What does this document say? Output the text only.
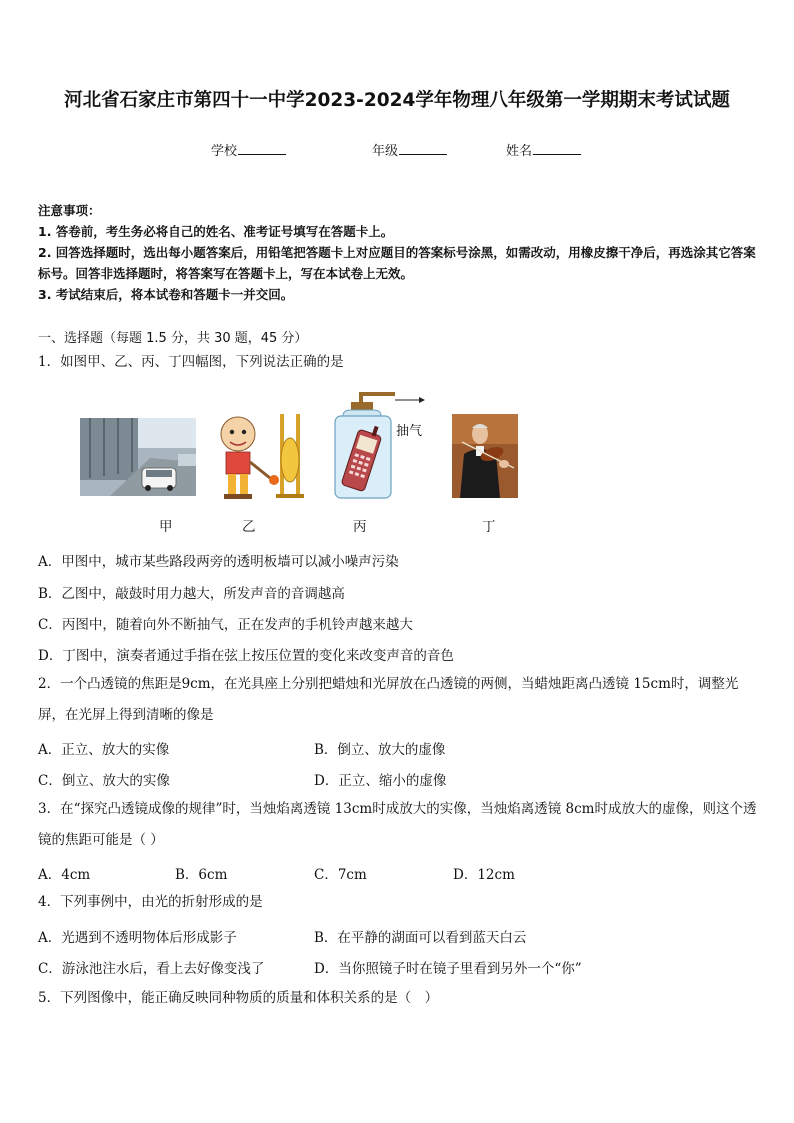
河北省石家庄市第四十一中学2023-2024学年物理八年级第一学期期末考试试题
学校	年级	姓名
注意事项：
1. 答卷前，考生务必将自己的姓名、准考证号填写在答题卡上。
2. 回答选择题时，选出每小题答案后，用铅笔把答题卡上对应题目的答案标号涂黑，如需改动，用橡皮擦干净后，再选涂其它答案标号。回答非选择题时，将答案写在答题卡上，写在本试卷上无效。
3. 考试结束后，将本试卷和答题卡一并交回。
一、选择题（每题 1.5 分，共 30 题，45 分）
1．如图甲、乙、丙、丁四幅图，下列说法正确的是
抽气
甲	乙	丙	丁
A．甲图中，城市某些路段两旁的透明板墙可以减小噪声污染
B．乙图中，敲鼓时用力越大，所发声音的音调越高
C．丙图中，随着向外不断抽气，正在发声的手机铃声越来越大
D．丁图中，演奏者通过手指在弦上按压位置的变化来改变声音的音色
2．一个凸透镜的焦距是9cm，在光具座上分别把蜡烛和光屏放在凸透镜的两侧，当蜡烛距离凸透镜 15cm时，调整光屏，在光屏上得到清晰的像是
A．正立、放大的实像	B．倒立、放大的虚像
C．倒立、放大的实像	D．正立、缩小的虚像
3．在“探究凸透镜成像的规律”时，当烛焰离透镜 13cm时成放大的实像，当烛焰离透镜 8cm时成放大的虚像，则这个透镜的焦距可能是（ ）
A．4cm	B．6cm	C．7cm	D．12cm
4．下列事例中，由光的折射形成的是
A．光遇到不透明物体后形成影子	B．在平静的湖面可以看到蓝天白云
C．游泳池注水后，看上去好像变浅了	D．当你照镜子时在镜子里看到另外一个“你”
5．下列图像中，能正确反映同种物质的质量和体积关系的是（　）
